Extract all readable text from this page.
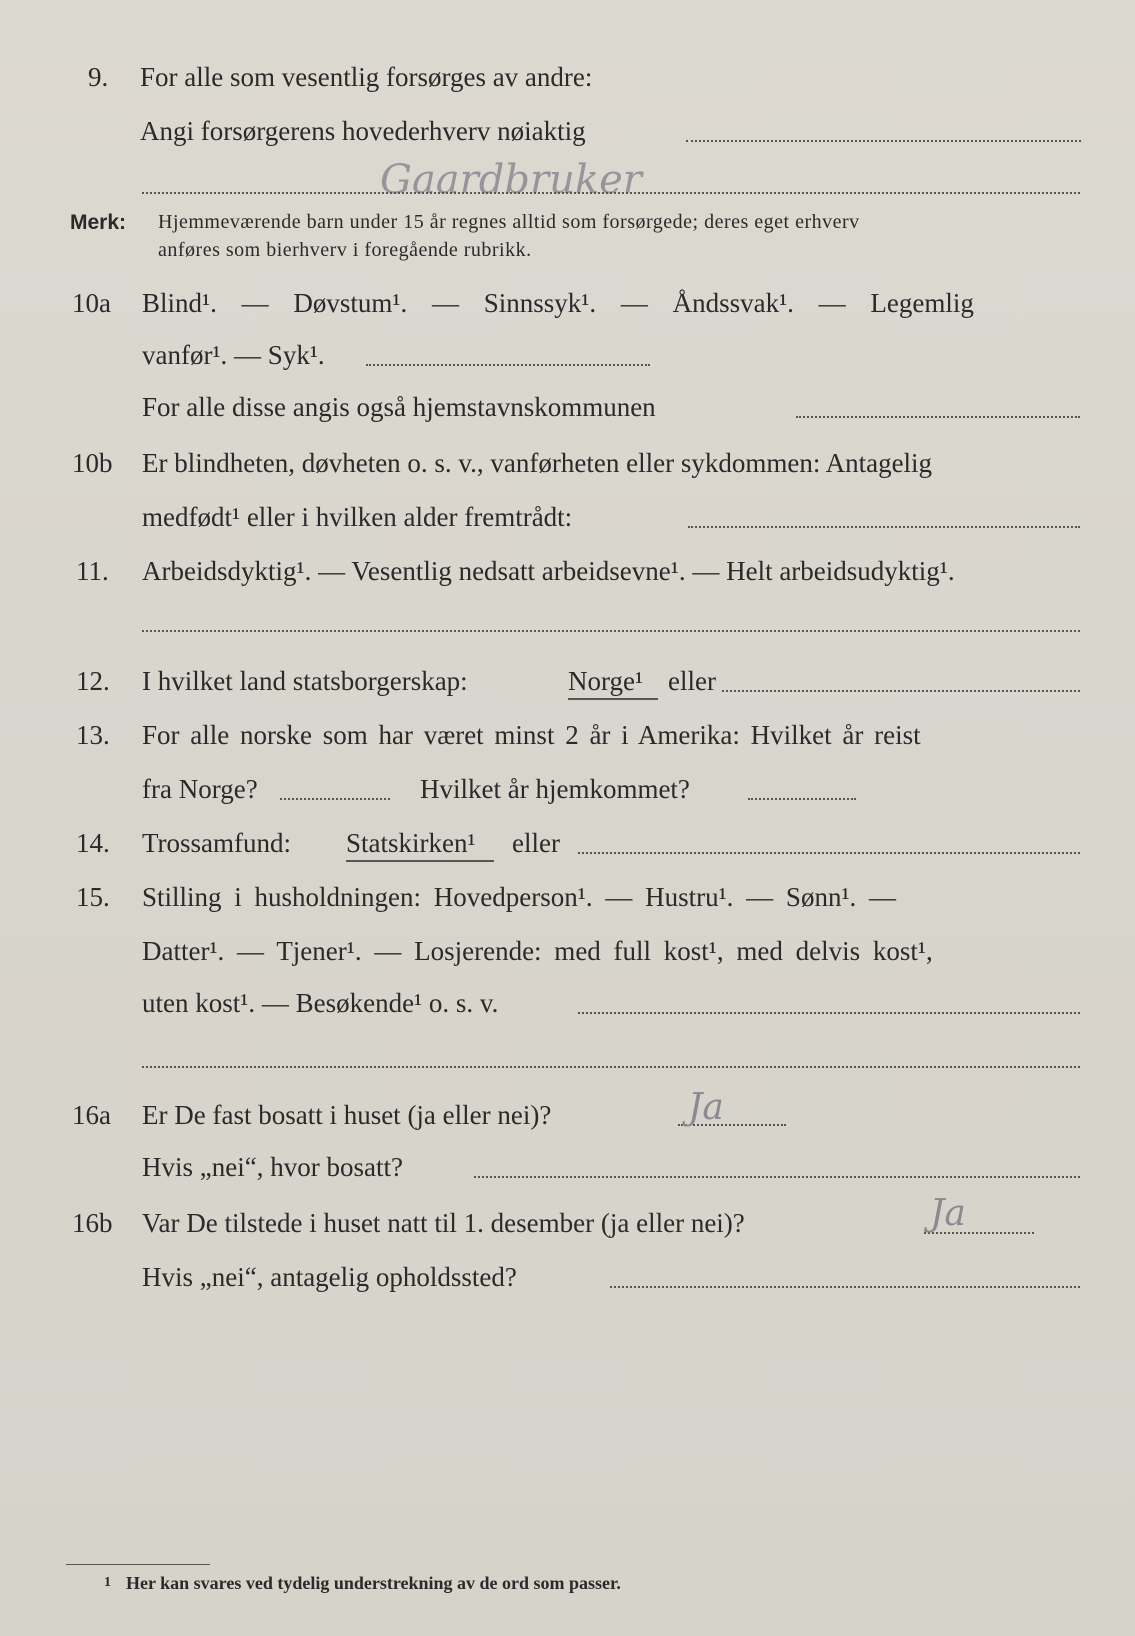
9. For alle som vesentlig forsørges av andre:
Angi forsørgerens hovederhverv nøiaktig
Gaardbruker
Merk: Hjemmeværende barn under 15 år regnes alltid som forsørgede; deres eget erhverv
anføres som bierhverv i foregående rubrikk.
10a Blind¹. — Døvstum¹. — Sinnssyk¹. — Åndssvak¹. — Legemlig
vanfør¹. — Syk¹.
For alle disse angis også hjemstavnskommunen
10b Er blindheten, døvheten o. s. v., vanførheten eller sykdommen: Antagelig
medfødt¹ eller i hvilken alder fremtrådt:
11. Arbeidsdyktig¹. — Vesentlig nedsatt arbeidsevne¹. — Helt arbeidsudyktig¹.
12. I hvilket land statsborgerskap:	Norge¹ eller
13. For alle norske som har været minst 2 år i Amerika: Hvilket år reist
fra Norge?	Hvilket år hjemkommet?
14. Trossamfund: Statskirken¹ eller
15. Stilling i husholdningen: Hovedperson¹. — Hustru¹. — Sønn¹. —
Datter¹. — Tjener¹. — Losjerende: med full kost¹, med delvis kost¹,
uten kost¹. — Besøkende¹ o. s. v.
16a Er De fast bosatt i huset (ja eller nei)?	Ja
Hvis „nei“, hvor bosatt?
16b Var De tilstede i huset natt til 1. desember (ja eller nei)?	Ja
Hvis „nei“, antagelig opholdssted?
1 Her kan svares ved tydelig understrekning av de ord som passer.
